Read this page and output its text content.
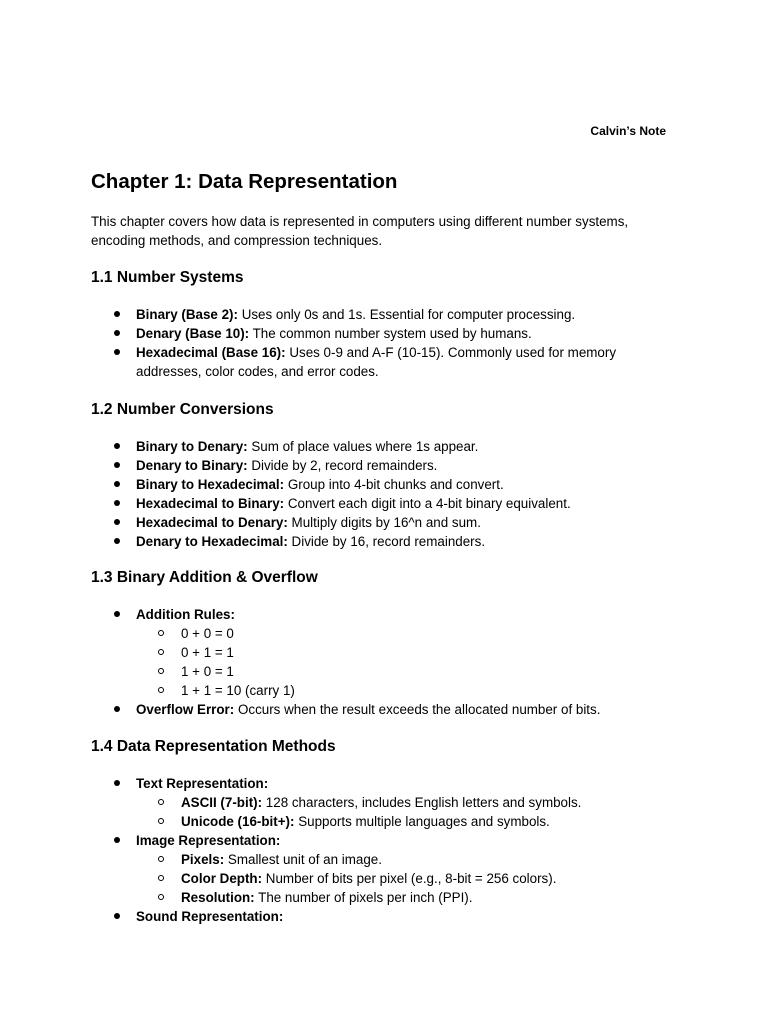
Calvin’s Note
Chapter 1: Data Representation

This chapter covers how data is represented in computers using different number systems, encoding methods, and compression techniques.

1.1 Number Systems
Binary (Base 2): Uses only 0s and 1s. Essential for computer processing.
Denary (Base 10): The common number system used by humans.
Hexadecimal (Base 16): Uses 0-9 and A-F (10-15). Commonly used for memory addresses, color codes, and error codes.
1.2 Number Conversions
Binary to Denary: Sum of place values where 1s appear.
Denary to Binary: Divide by 2, record remainders.
Binary to Hexadecimal: Group into 4-bit chunks and convert.
Hexadecimal to Binary: Convert each digit into a 4-bit binary equivalent.
Hexadecimal to Denary: Multiply digits by 16^n and sum.
Denary to Hexadecimal: Divide by 16, record remainders.
1.3 Binary Addition & Overflow
Addition Rules:
0 + 0 = 0
0 + 1 = 1
1 + 0 = 1
1 + 1 = 10 (carry 1)
Overflow Error: Occurs when the result exceeds the allocated number of bits.
1.4 Data Representation Methods
Text Representation:
ASCII (7-bit): 128 characters, includes English letters and symbols.
Unicode (16-bit+): Supports multiple languages and symbols.
Image Representation:
Pixels: Smallest unit of an image.
Color Depth: Number of bits per pixel (e.g., 8-bit = 256 colors).
Resolution: The number of pixels per inch (PPI).
Sound Representation:
